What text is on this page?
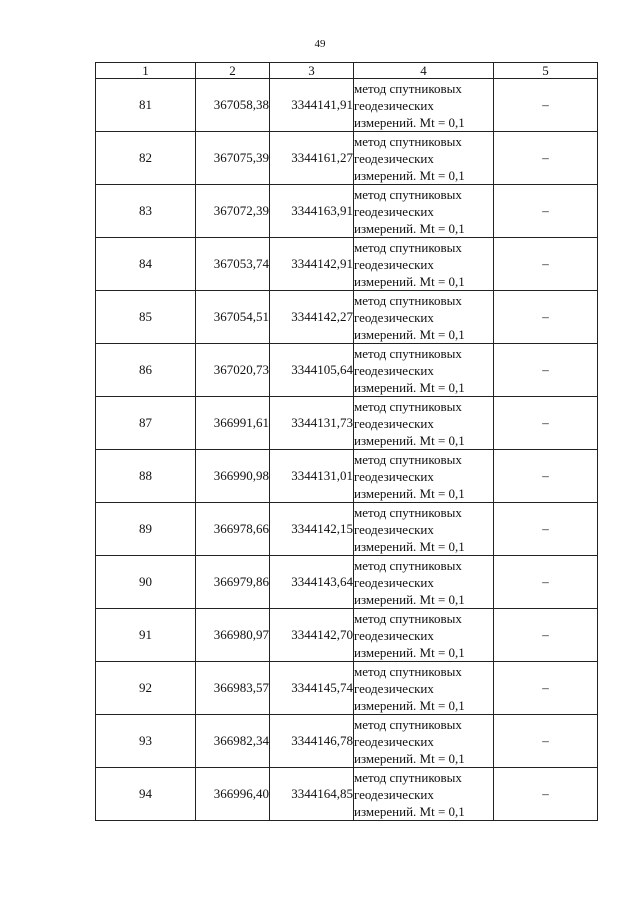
49
1	2	3	4	5
81	367058,38	3344141,91	метод спутниковых
геодезических
измерений. Mt = 0,1	–
82	367075,39	3344161,27	метод спутниковых
геодезических
измерений. Mt = 0,1	–
83	367072,39	3344163,91	метод спутниковых
геодезических
измерений. Mt = 0,1	–
84	367053,74	3344142,91	метод спутниковых
геодезических
измерений. Mt = 0,1	–
85	367054,51	3344142,27	метод спутниковых
геодезических
измерений. Mt = 0,1	–
86	367020,73	3344105,64	метод спутниковых
геодезических
измерений. Mt = 0,1	–
87	366991,61	3344131,73	метод спутниковых
геодезических
измерений. Mt = 0,1	–
88	366990,98	3344131,01	метод спутниковых
геодезических
измерений. Mt = 0,1	–
89	366978,66	3344142,15	метод спутниковых
геодезических
измерений. Mt = 0,1	–
90	366979,86	3344143,64	метод спутниковых
геодезических
измерений. Mt = 0,1	–
91	366980,97	3344142,70	метод спутниковых
геодезических
измерений. Mt = 0,1	–
92	366983,57	3344145,74	метод спутниковых
геодезических
измерений. Mt = 0,1	–
93	366982,34	3344146,78	метод спутниковых
геодезических
измерений. Mt = 0,1	–
94	366996,40	3344164,85	метод спутниковых
геодезических
измерений. Mt = 0,1	–
